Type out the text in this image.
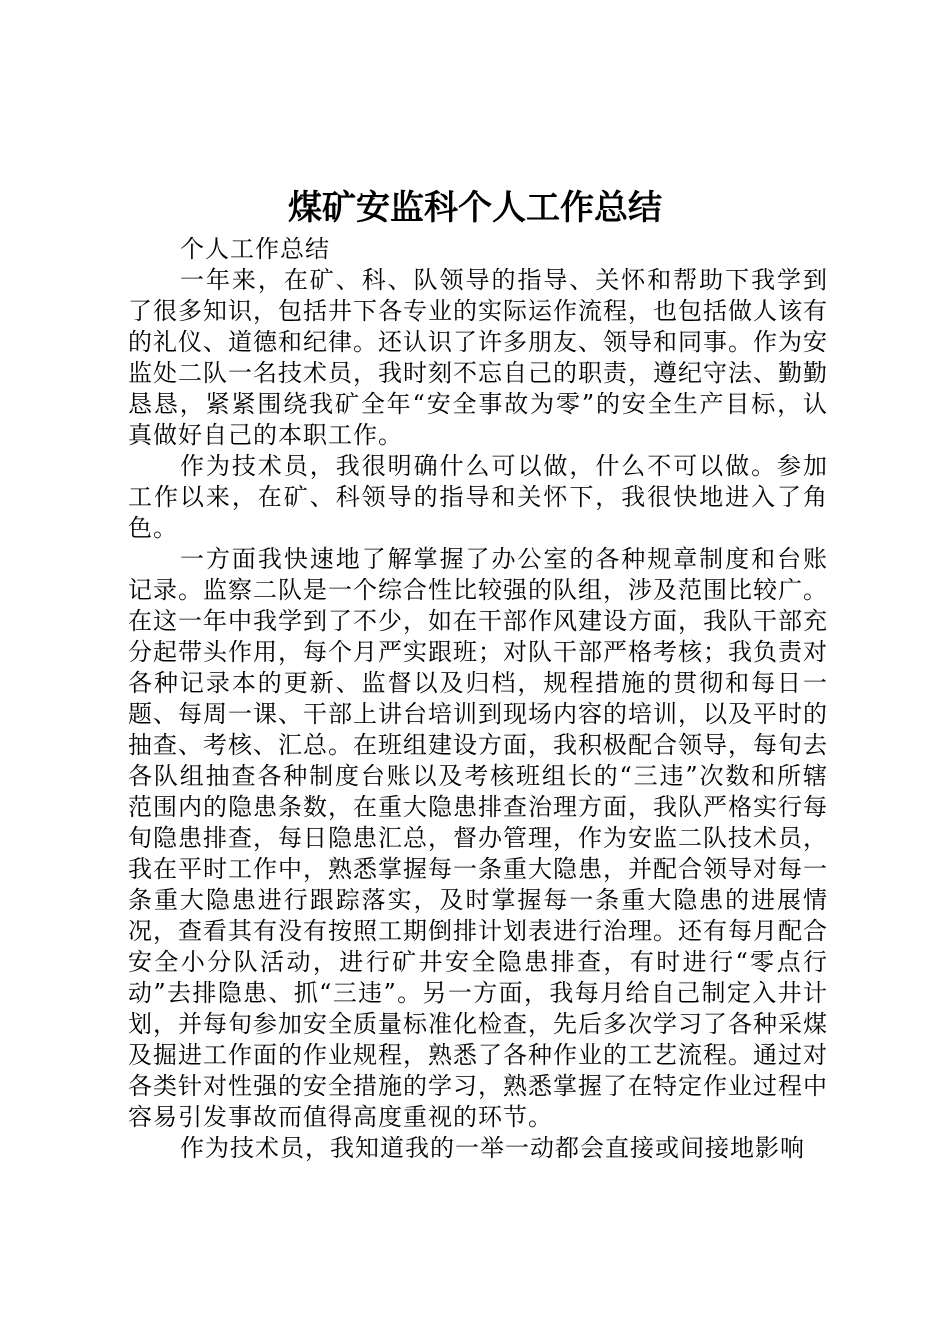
煤矿安监科个人工作总结

个人工作总结

一年来，在矿、科、队领导的指导、关怀和帮助下我学到了很多知识，包括井下各专业的实际运作流程，也包括做人该有的礼仪、道德和纪律。还认识了许多朋友、领导和同事。作为安监处二队一名技术员，我时刻不忘自己的职责，遵纪守法、勤勤恳恳，紧紧围绕我矿全年“安全事故为零”的安全生产目标，认真做好自己的本职工作。

作为技术员，我很明确什么可以做，什么不可以做。参加工作以来，在矿、科领导的指导和关怀下，我很快地进入了角色。

一方面我快速地了解掌握了办公室的各种规章制度和台账记录。监察二队是一个综合性比较强的队组，涉及范围比较广。在这一年中我学到了不少，如在干部作风建设方面，我队干部充分起带头作用，每个月严实跟班；对队干部严格考核；我负责对各种记录本的更新、监督以及归档，规程措施的贯彻和每日一题、每周一课、干部上讲台培训到现场内容的培训，以及平时的抽查、考核、汇总。在班组建设方面，我积极配合领导，每旬去各队组抽查各种制度台账以及考核班组长的“三违”次数和所辖范围内的隐患条数，在重大隐患排查治理方面，我队严格实行每旬隐患排查，每日隐患汇总，督办管理，作为安监二队技术员，我在平时工作中，熟悉掌握每一条重大隐患，并配合领导对每一条重大隐患进行跟踪落实，及时掌握每一条重大隐患的进展情况，查看其有没有按照工期倒排计划表进行治理。还有每月配合安全小分队活动，进行矿井安全隐患排查，有时进行“零点行动”去排隐患、抓“三违”。另一方面，我每月给自己制定入井计划，并每旬参加安全质量标准化检查，先后多次学习了各种采煤及掘进工作面的作业规程，熟悉了各种作业的工艺流程。通过对各类针对性强的安全措施的学习，熟悉掌握了在特定作业过程中容易引发事故而值得高度重视的环节。

作为技术员，我知道我的一举一动都会直接或间接地影响
